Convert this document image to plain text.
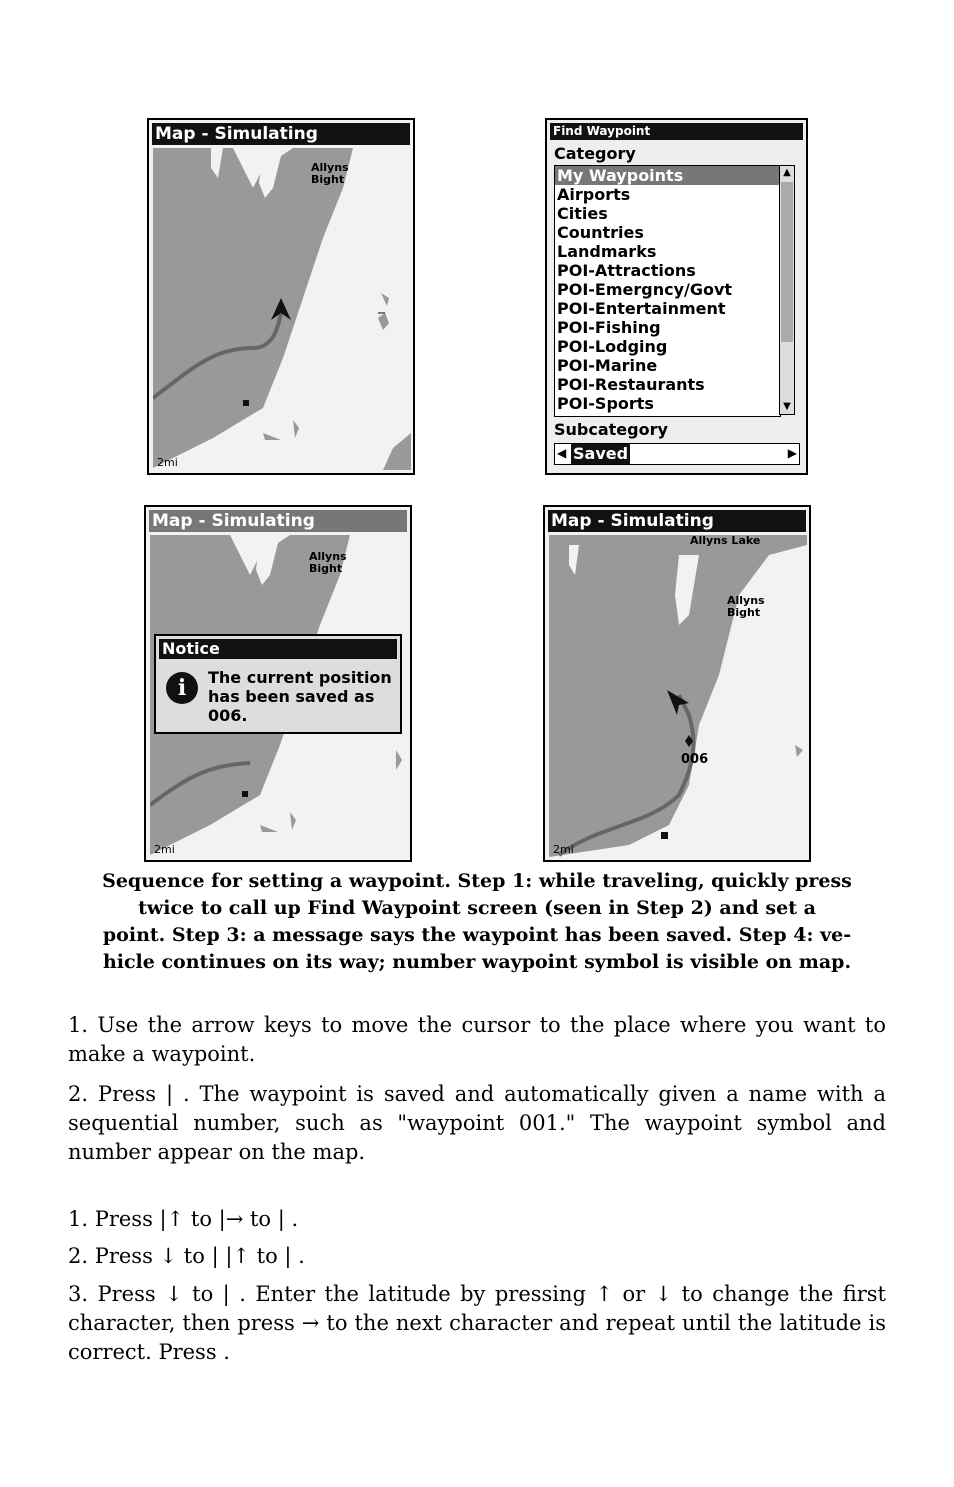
Map - Simulating
Allyns
Bight
2mi
Find Waypoint
Category
My Waypoints
Airports
Cities
Countries
Landmarks
POI-Attractions
POI-Emergncy/Govt
POI-Entertainment
POI-Fishing
POI-Lodging
POI-Marine
POI-Restaurants
POI-Sports
▲
▼
Subcategory
◀ Saved	▶
Map - Simulating
Allyns
Bight
Notice
i	The current position
has been saved as
006.
2mi
Map - Simulating
Allyns Lake
Allyns
Bight
006
2mi
Sequence for setting a waypoint. Step 1: while traveling, quickly press
twice to call up Find Waypoint screen (seen in Step 2) and set a
point. Step 3: a message says the waypoint has been saved. Step 4: ve-
hicle continues on its way; number waypoint symbol is visible on map.
1. Use the arrow keys to move the cursor to the place where you want to make a waypoint.
2. Press | . The waypoint is saved and automatically given a name with a sequential number, such as "waypoint 001." The waypoint symbol and number appear on the map.
1. Press |↑ to |→ to | .
2. Press ↓ to | |↑ to | .
3. Press ↓ to | . Enter the latitude by pressing ↑ or ↓ to change the first character, then press → to the next character and repeat until the latitude is correct. Press .
